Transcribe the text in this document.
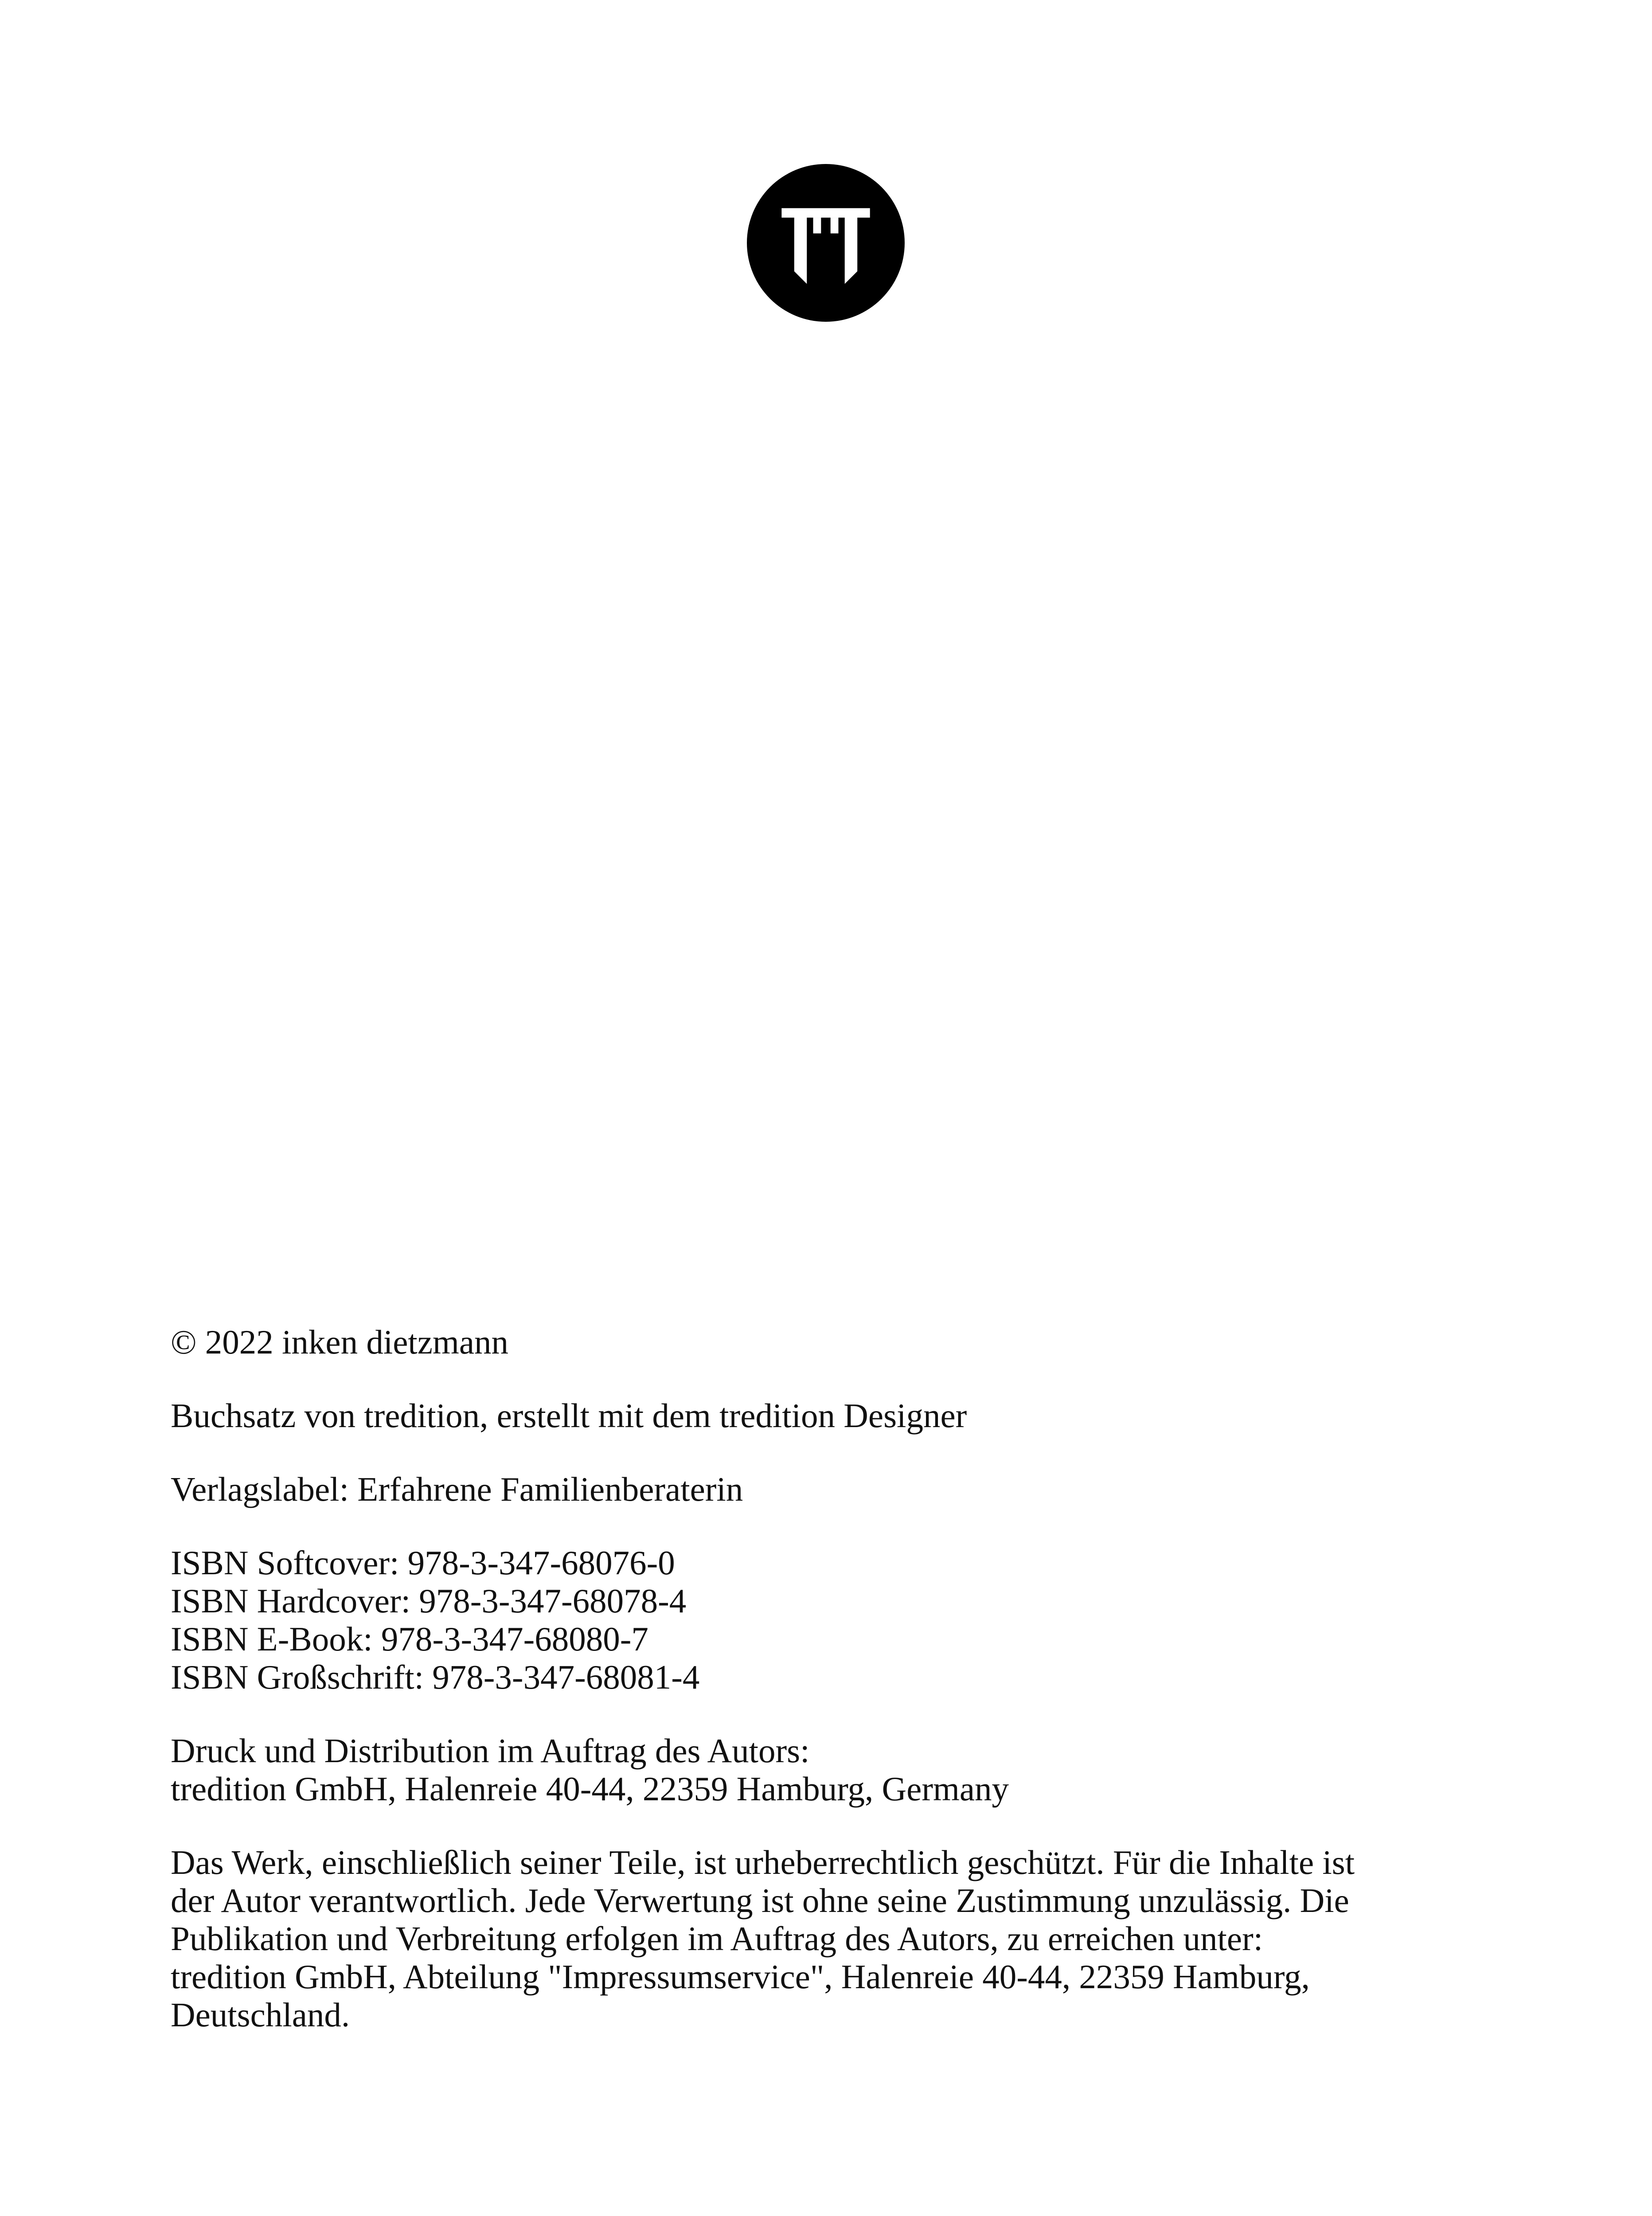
© 2022 inken dietzmann

Buchsatz von tredition, erstellt mit dem tredition Designer

Verlagslabel: Erfahrene Familienberaterin

ISBN Softcover: 978-3-347-68076-0
ISBN Hardcover: 978-3-347-68078-4
ISBN E-Book: 978-3-347-68080-7
ISBN Großschrift: 978-3-347-68081-4

Druck und Distribution im Auftrag des Autors:
tredition GmbH, Halenreie 40-44, 22359 Hamburg, Germany

Das Werk, einschließlich seiner Teile, ist urheberrechtlich geschützt. Für die Inhalte ist
der Autor verantwortlich. Jede Verwertung ist ohne seine Zustimmung unzulässig. Die
Publikation und Verbreitung erfolgen im Auftrag des Autors, zu erreichen unter:
tredition GmbH, Abteilung "Impressumservice", Halenreie 40-44, 22359 Hamburg,
Deutschland.
